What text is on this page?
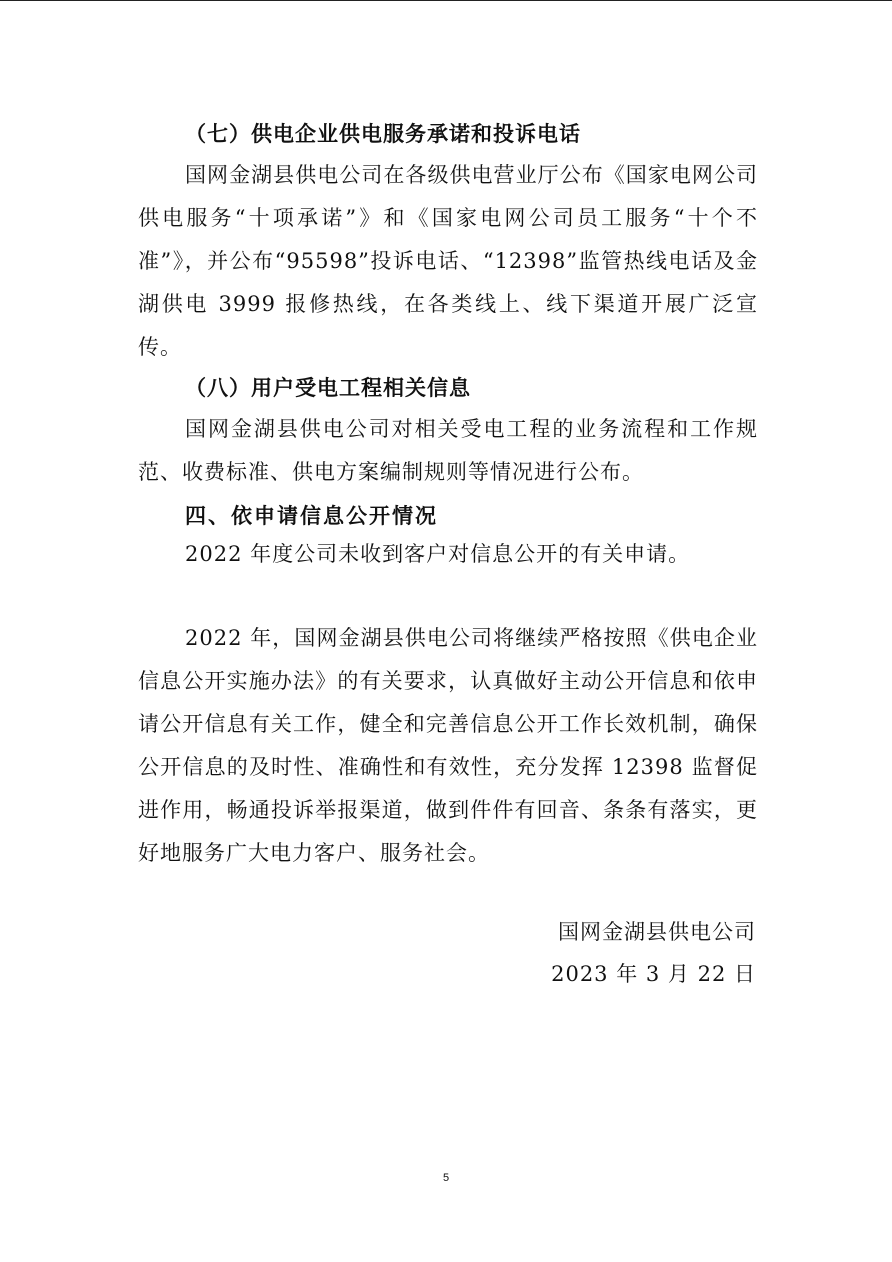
（七）供电企业供电服务承诺和投诉电话
国网金湖县供电公司在各级供电营业厅公布《国家电网公司供电服务“十项承诺”》和《国家电网公司员工服务“十个不准”》，并公布“95598”投诉电话、“12398”监管热线电话及金湖供电 3999 报修热线，在各类线上、线下渠道开展广泛宣传。
（八）用户受电工程相关信息
国网金湖县供电公司对相关受电工程的业务流程和工作规范、收费标准、供电方案编制规则等情况进行公布。
四、依申请信息公开情况
2022 年度公司未收到客户对信息公开的有关申请。
2022 年，国网金湖县供电公司将继续严格按照《供电企业信息公开实施办法》的有关要求，认真做好主动公开信息和依申请公开信息有关工作，健全和完善信息公开工作长效机制，确保公开信息的及时性、准确性和有效性，充分发挥 12398 监督促进作用，畅通投诉举报渠道，做到件件有回音、条条有落实，更好地服务广大电力客户、服务社会。
国网金湖县供电公司
2023 年 3 月 22 日
5
